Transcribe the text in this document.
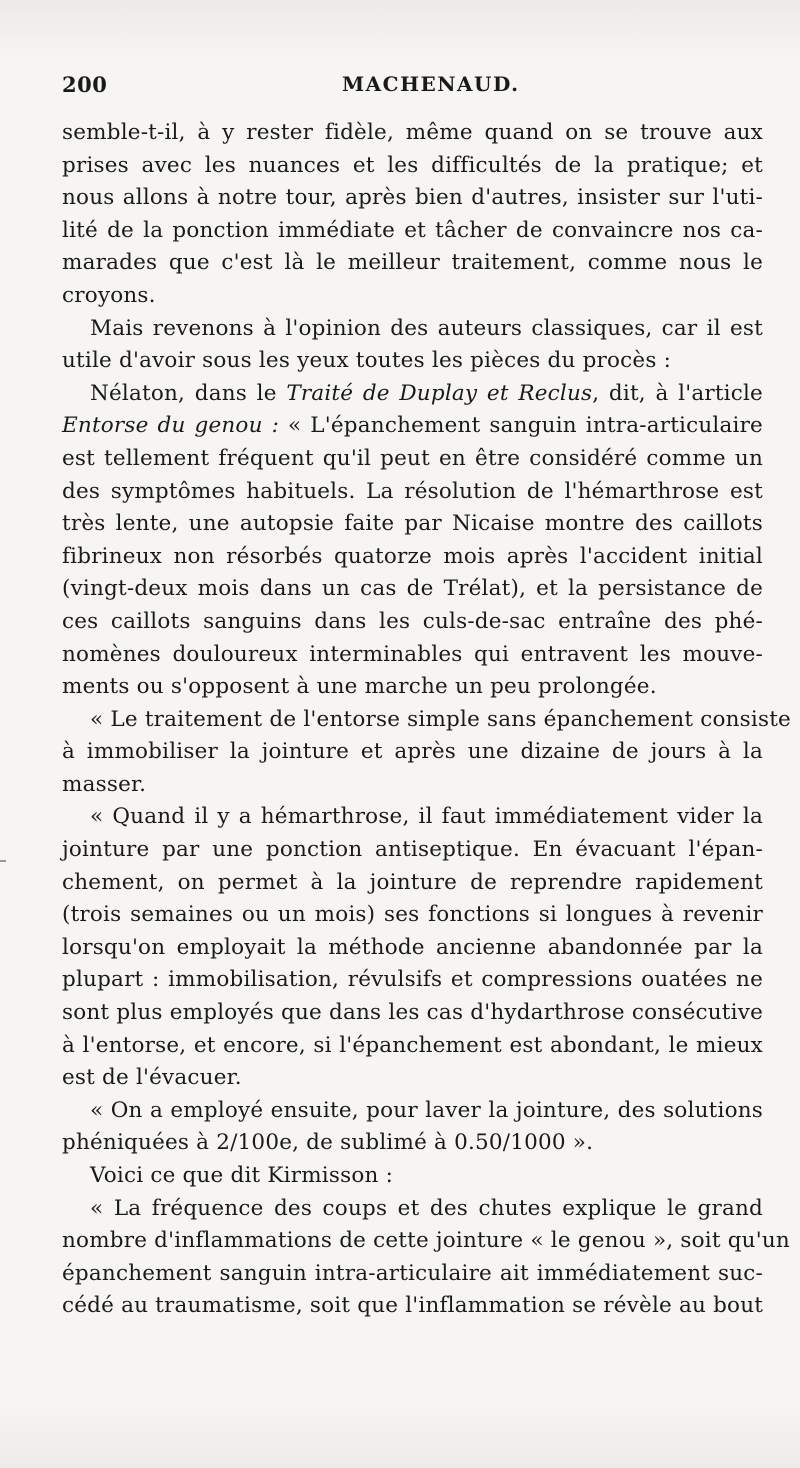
200	MACHENAUD.
semble-t-il, à y rester fidèle, même quand on se trouve aux
prises avec les nuances et les difficultés de la pratique; et
nous allons à notre tour, après bien d'autres, insister sur l'uti-
lité de la ponction immédiate et tâcher de convaincre nos ca-
marades que c'est là le meilleur traitement, comme nous le
croyons.
Mais revenons à l'opinion des auteurs classiques, car il est
utile d'avoir sous les yeux toutes les pièces du procès :
Nélaton, dans le Traité de Duplay et Reclus, dit, à l'article
Entorse du genou : « L'épanchement sanguin intra-articulaire
est tellement fréquent qu'il peut en être considéré comme un
des symptômes habituels. La résolution de l'hémarthrose est
très lente, une autopsie faite par Nicaise montre des caillots
fibrineux non résorbés quatorze mois après l'accident initial
(vingt-deux mois dans un cas de Trélat), et la persistance de
ces caillots sanguins dans les culs-de-sac entraîne des phé-
nomènes douloureux interminables qui entravent les mouve-
ments ou s'opposent à une marche un peu prolongée.
« Le traitement de l'entorse simple sans épanchement consiste
à immobiliser la jointure et après une dizaine de jours à la
masser.
« Quand il y a hémarthrose, il faut immédiatement vider la
jointure par une ponction antiseptique. En évacuant l'épan-
chement, on permet à la jointure de reprendre rapidement
(trois semaines ou un mois) ses fonctions si longues à revenir
lorsqu'on employait la méthode ancienne abandonnée par la
plupart : immobilisation, révulsifs et compressions ouatées ne
sont plus employés que dans les cas d'hydarthrose consécutive
à l'entorse, et encore, si l'épanchement est abondant, le mieux
est de l'évacuer.
« On a employé ensuite, pour laver la jointure, des solutions
phéniquées à 2/100e, de sublimé à 0.50/1000 ».
Voici ce que dit Kirmisson :
« La fréquence des coups et des chutes explique le grand
nombre d'inflammations de cette jointure « le genou », soit qu'un
épanchement sanguin intra-articulaire ait immédiatement suc-
cédé au traumatisme, soit que l'inflammation se révèle au bout
